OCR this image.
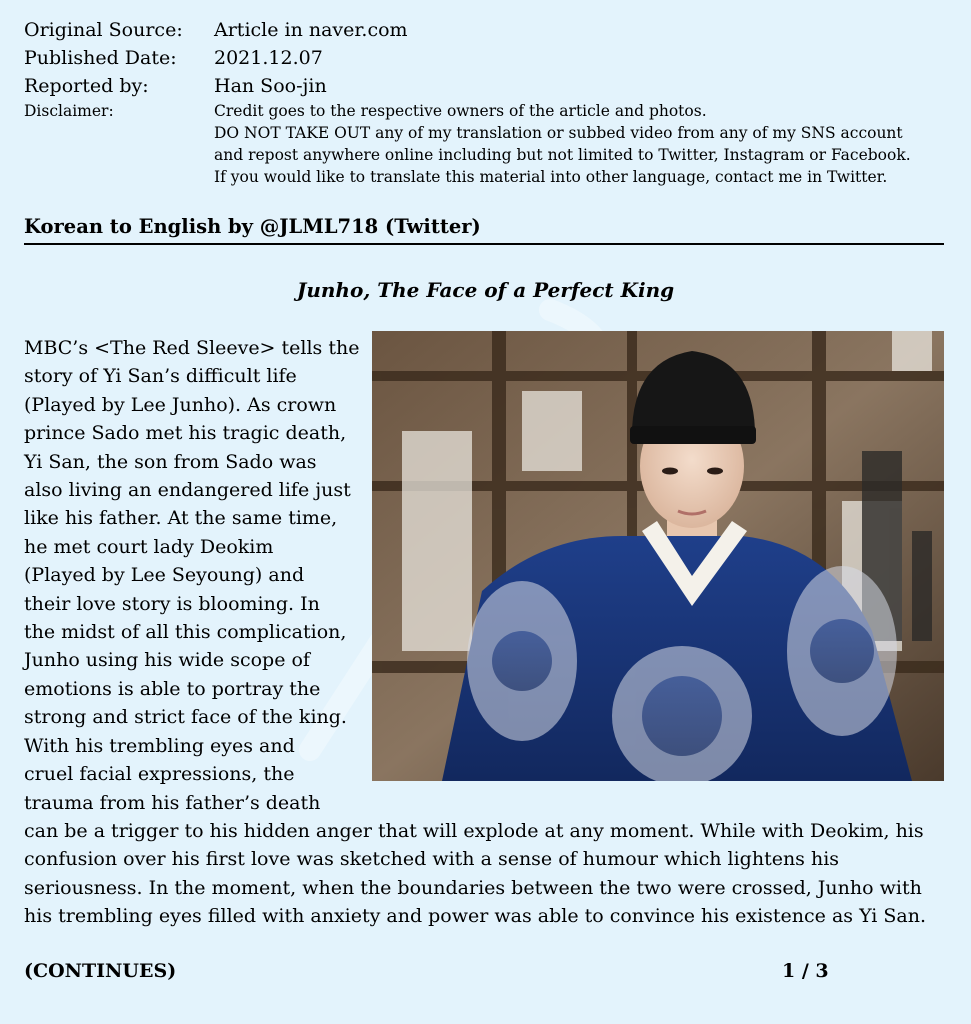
Original Source:	Article in naver.com
Published Date:	2021.12.07
Reported by:	Han Soo-jin
Disclaimer:	Credit goes to the respective owners of the article and photos.
DO NOT TAKE OUT any of my translation or subbed video from any of my SNS account
and repost anywhere online including but not limited to Twitter, Instagram or Facebook.
If you would like to translate this material into other language, contact me in Twitter.
Korean to English by @JLML718 (Twitter)
Junho, The Face of a Perfect King
MBC’s <The Red Sleeve> tells the
story of Yi San’s difficult life
(Played by Lee Junho). As crown
prince Sado met his tragic death,
Yi San, the son from Sado was
also living an endangered life just
like his father. At the same time,
he met court lady Deokim
(Played by Lee Seyoung) and
their love story is blooming. In
the midst of all this complication,
Junho using his wide scope of
emotions is able to portray the
strong and strict face of the king.
With his trembling eyes and
cruel facial expressions, the
trauma from his father’s death
can be a trigger to his hidden anger that will explode at any moment. While with Deokim, his
confusion over his first love was sketched with a sense of humour which lightens his
seriousness. In the moment, when the boundaries between the two were crossed, Junho with
his trembling eyes filled with anxiety and power was able to convince his existence as Yi San.
(CONTINUES)	1 / 3
